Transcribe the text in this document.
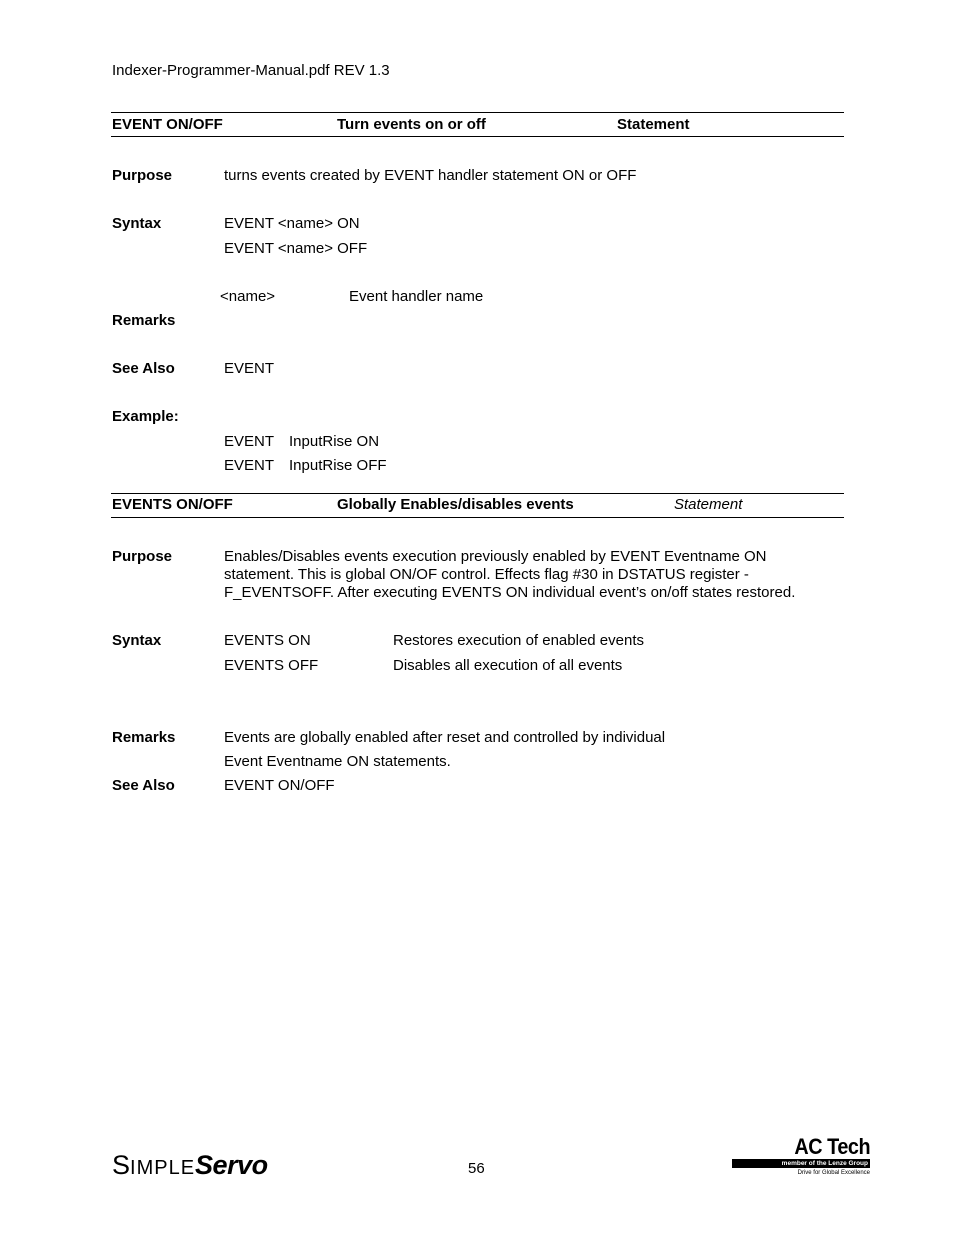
Indexer-Programmer-Manual.pdf REV 1.3
EVENT ON/OFF	Turn events on or off	Statement
Purpose	turns events created by EVENT handler statement ON or OFF
Syntax	EVENT <name> ON
EVENT <name> OFF
<name>	Event handler name
Remarks
See Also	EVENT
Example:
EVENT InputRise ON
EVENT InputRise OFF
EVENTS ON/OFF	Globally Enables/disables events	Statement
Purpose	Enables/Disables events execution previously enabled by EVENT Eventname ON
statement. This is global ON/OF control. Effects flag #30 in DSTATUS register -
F_EVENTSOFF. After executing EVENTS ON individual event’s on/off states restored.
Syntax	EVENTS ON	Restores execution of enabled events
EVENTS OFF	Disables all execution of all events
Remarks	Events are globally enabled after reset and controlled by individual
Event Eventname ON statements.
See Also	EVENT ON/OFF
SIMPLEServo	56
AC Tech
member of the Lenze Group
Drive for Global Excellence
